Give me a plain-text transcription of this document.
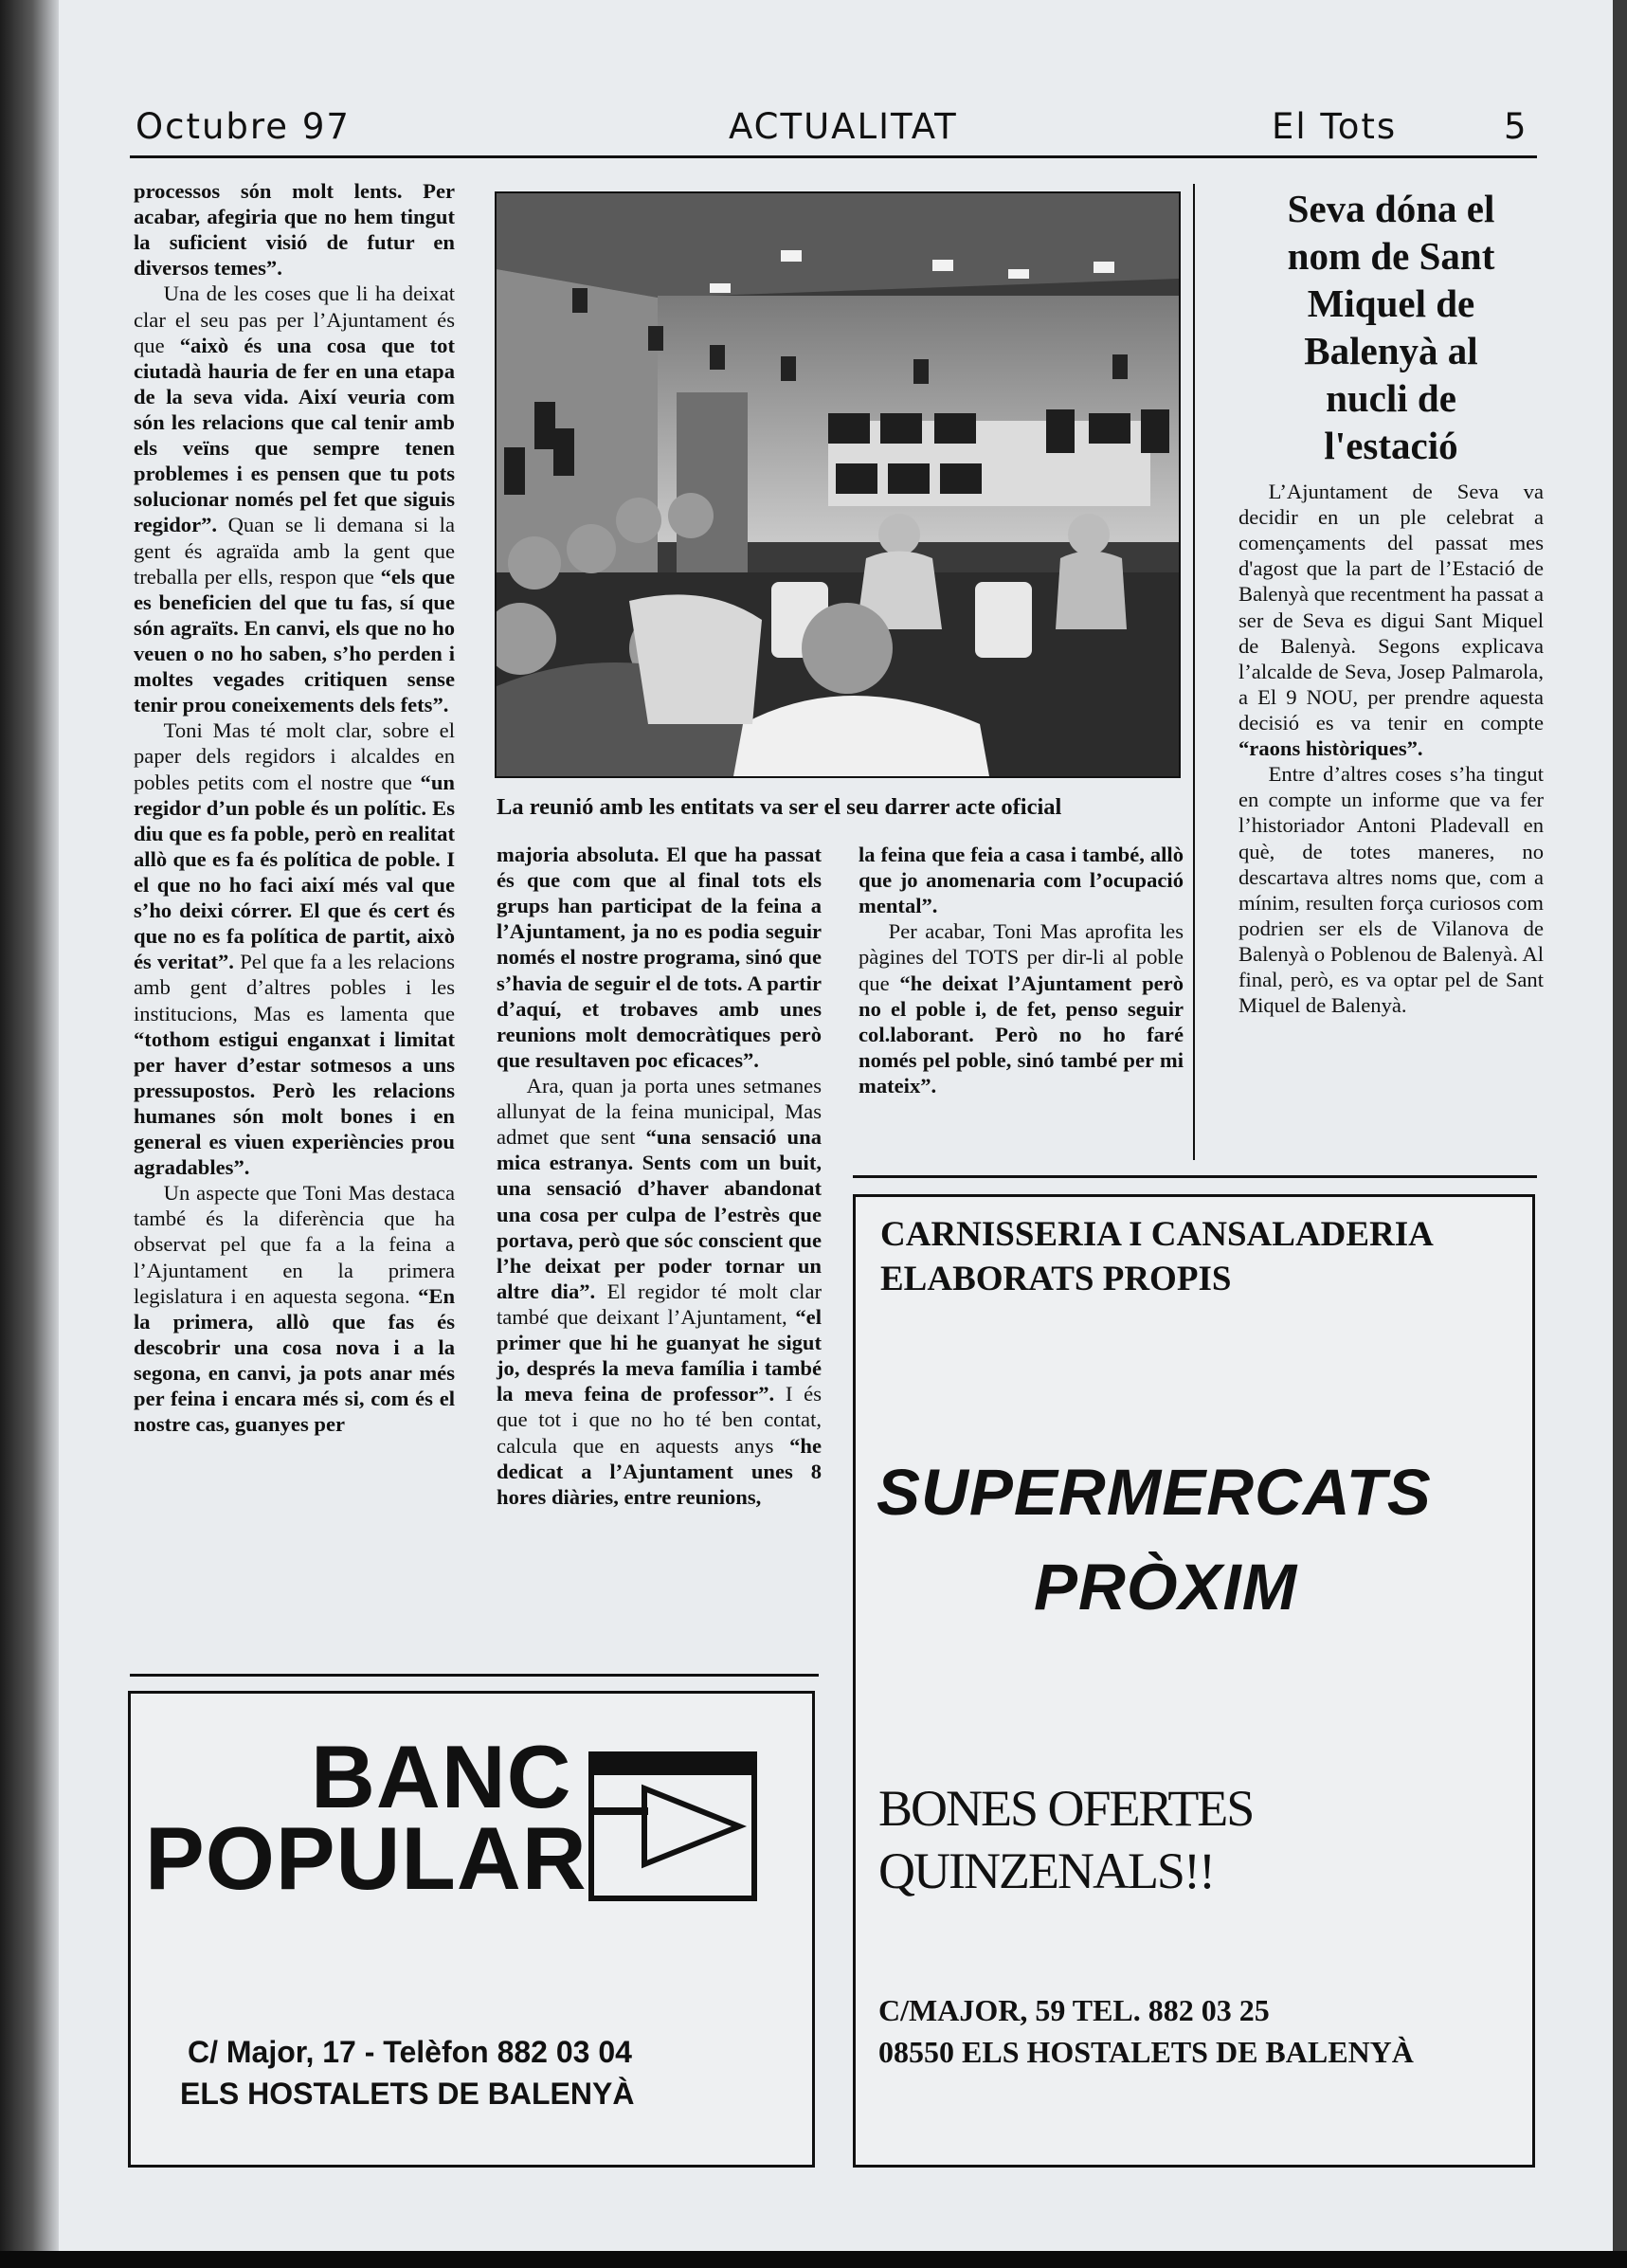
Octubre 97	ACTUALITAT	El Tots	5

processos són molt lents. Per acabar, afegiria que no hem tingut la suficient visió de futur en diversos temes”.

Una de les coses que li ha deixat clar el seu pas per l’Ajuntament és que “això és una cosa que tot ciutadà hauria de fer en una etapa de la seva vida. Així veuria com són les relacions que cal tenir amb els veïns que sempre tenen problemes i es pensen que tu pots solucionar només pel fet que siguis regidor”. Quan se li demana si la gent és agraïda amb la gent que treballa per ells, respon que “els que es beneficien del que tu fas, sí que són agraïts. En canvi, els que no ho veuen o no ho saben, s’ho perden i moltes vegades critiquen sense tenir prou coneixements dels fets”.

Toni Mas té molt clar, sobre el paper dels regidors i alcaldes en pobles petits com el nostre que “un regidor d’un poble és un polític. Es diu que es fa poble, però en realitat allò que es fa és política de poble. I el que no ho faci així més val que s’ho deixi córrer. El que és cert és que no es fa política de partit, això és veritat”. Pel que fa a les relacions amb gent d’altres pobles i les institucions, Mas es lamenta que “tothom estigui enganxat i limitat per haver d’estar sotmesos a uns pressupostos. Però les relacions humanes són molt bones i en general es viuen experiències prou agradables”.

Un aspecte que Toni Mas destaca també és la diferència que ha observat pel que fa a la feina a l’Ajuntament en la primera legislatura i en aquesta segona. “En la primera, allò que fas és descobrir una cosa nova i a la segona, en canvi, ja pots anar més per feina i encara més si, com és el nostre cas, guanyes per

La reunió amb les entitats va ser el seu darrer acte oficial

majoria absoluta. El que ha passat és que com que al final tots els grups han participat de la feina a l’Ajuntament, ja no es podia seguir només el nostre programa, sinó que s’havia de seguir el de tots. A partir d’aquí, et trobaves amb unes reunions molt democràtiques però que resultaven poc eficaces”.

Ara, quan ja porta unes setmanes allunyat de la feina municipal, Mas admet que sent “una sensació una mica estranya. Sents com un buit, una sensació d’haver abandonat una cosa per culpa de l’estrès que portava, però que sóc conscient que l’he deixat per poder tornar un altre dia”. El regidor té molt clar també que deixant l’Ajuntament, “el primer que hi he guanyat he sigut jo, després la meva família i també la meva feina de professor”. I és que tot i que no ho té ben contat, calcula que en aquests anys “he dedicat a l’Ajuntament unes 8 hores diàries, entre reunions,

la feina que feia a casa i també, allò que jo anomenaria com l’ocupació mental”.

Per acabar, Toni Mas aprofita les pàgines del TOTS per dir-li al poble que “he deixat l’Ajuntament però no el poble i, de fet, penso seguir col.laborant. Però no ho faré només pel poble, sinó també per mi mateix”.

Seva dóna el
nom de Sant
Miquel de
Balenyà al
nucli de
l'estació

L’Ajuntament de Seva va decidir en un ple celebrat a començaments del passat mes d'agost que la part de l’Estació de Balenyà que recentment ha passat a ser de Seva es digui Sant Miquel de Balenyà. Segons explicava l’alcalde de Seva, Josep Palmarola, a El 9 NOU, per prendre aquesta decisió es va tenir en compte “raons històriques”.

Entre d’altres coses s’ha tingut en compte un informe que va fer l’historiador Antoni Pladevall en què, de totes maneres, no descartava altres noms que, com a mínim, resulten força curiosos com podrien ser els de Vilanova de Balenyà o Poblenou de Balenyà. Al final, però, es va optar pel de Sant Miquel de Balenyà.

CARNISSERIA I CANSALADERIA
ELABORATS PROPIS
SUPERMERCATS
PRÒXIM
BONES OFERTES
QUINZENALS!!
C/MAJOR, 59 TEL. 882 03 25
08550 ELS HOSTALETS DE BALENYÀ
BANC
POPULAR
C/ Major, 17 - Telèfon 882 03 04
ELS HOSTALETS DE BALENYÀ
